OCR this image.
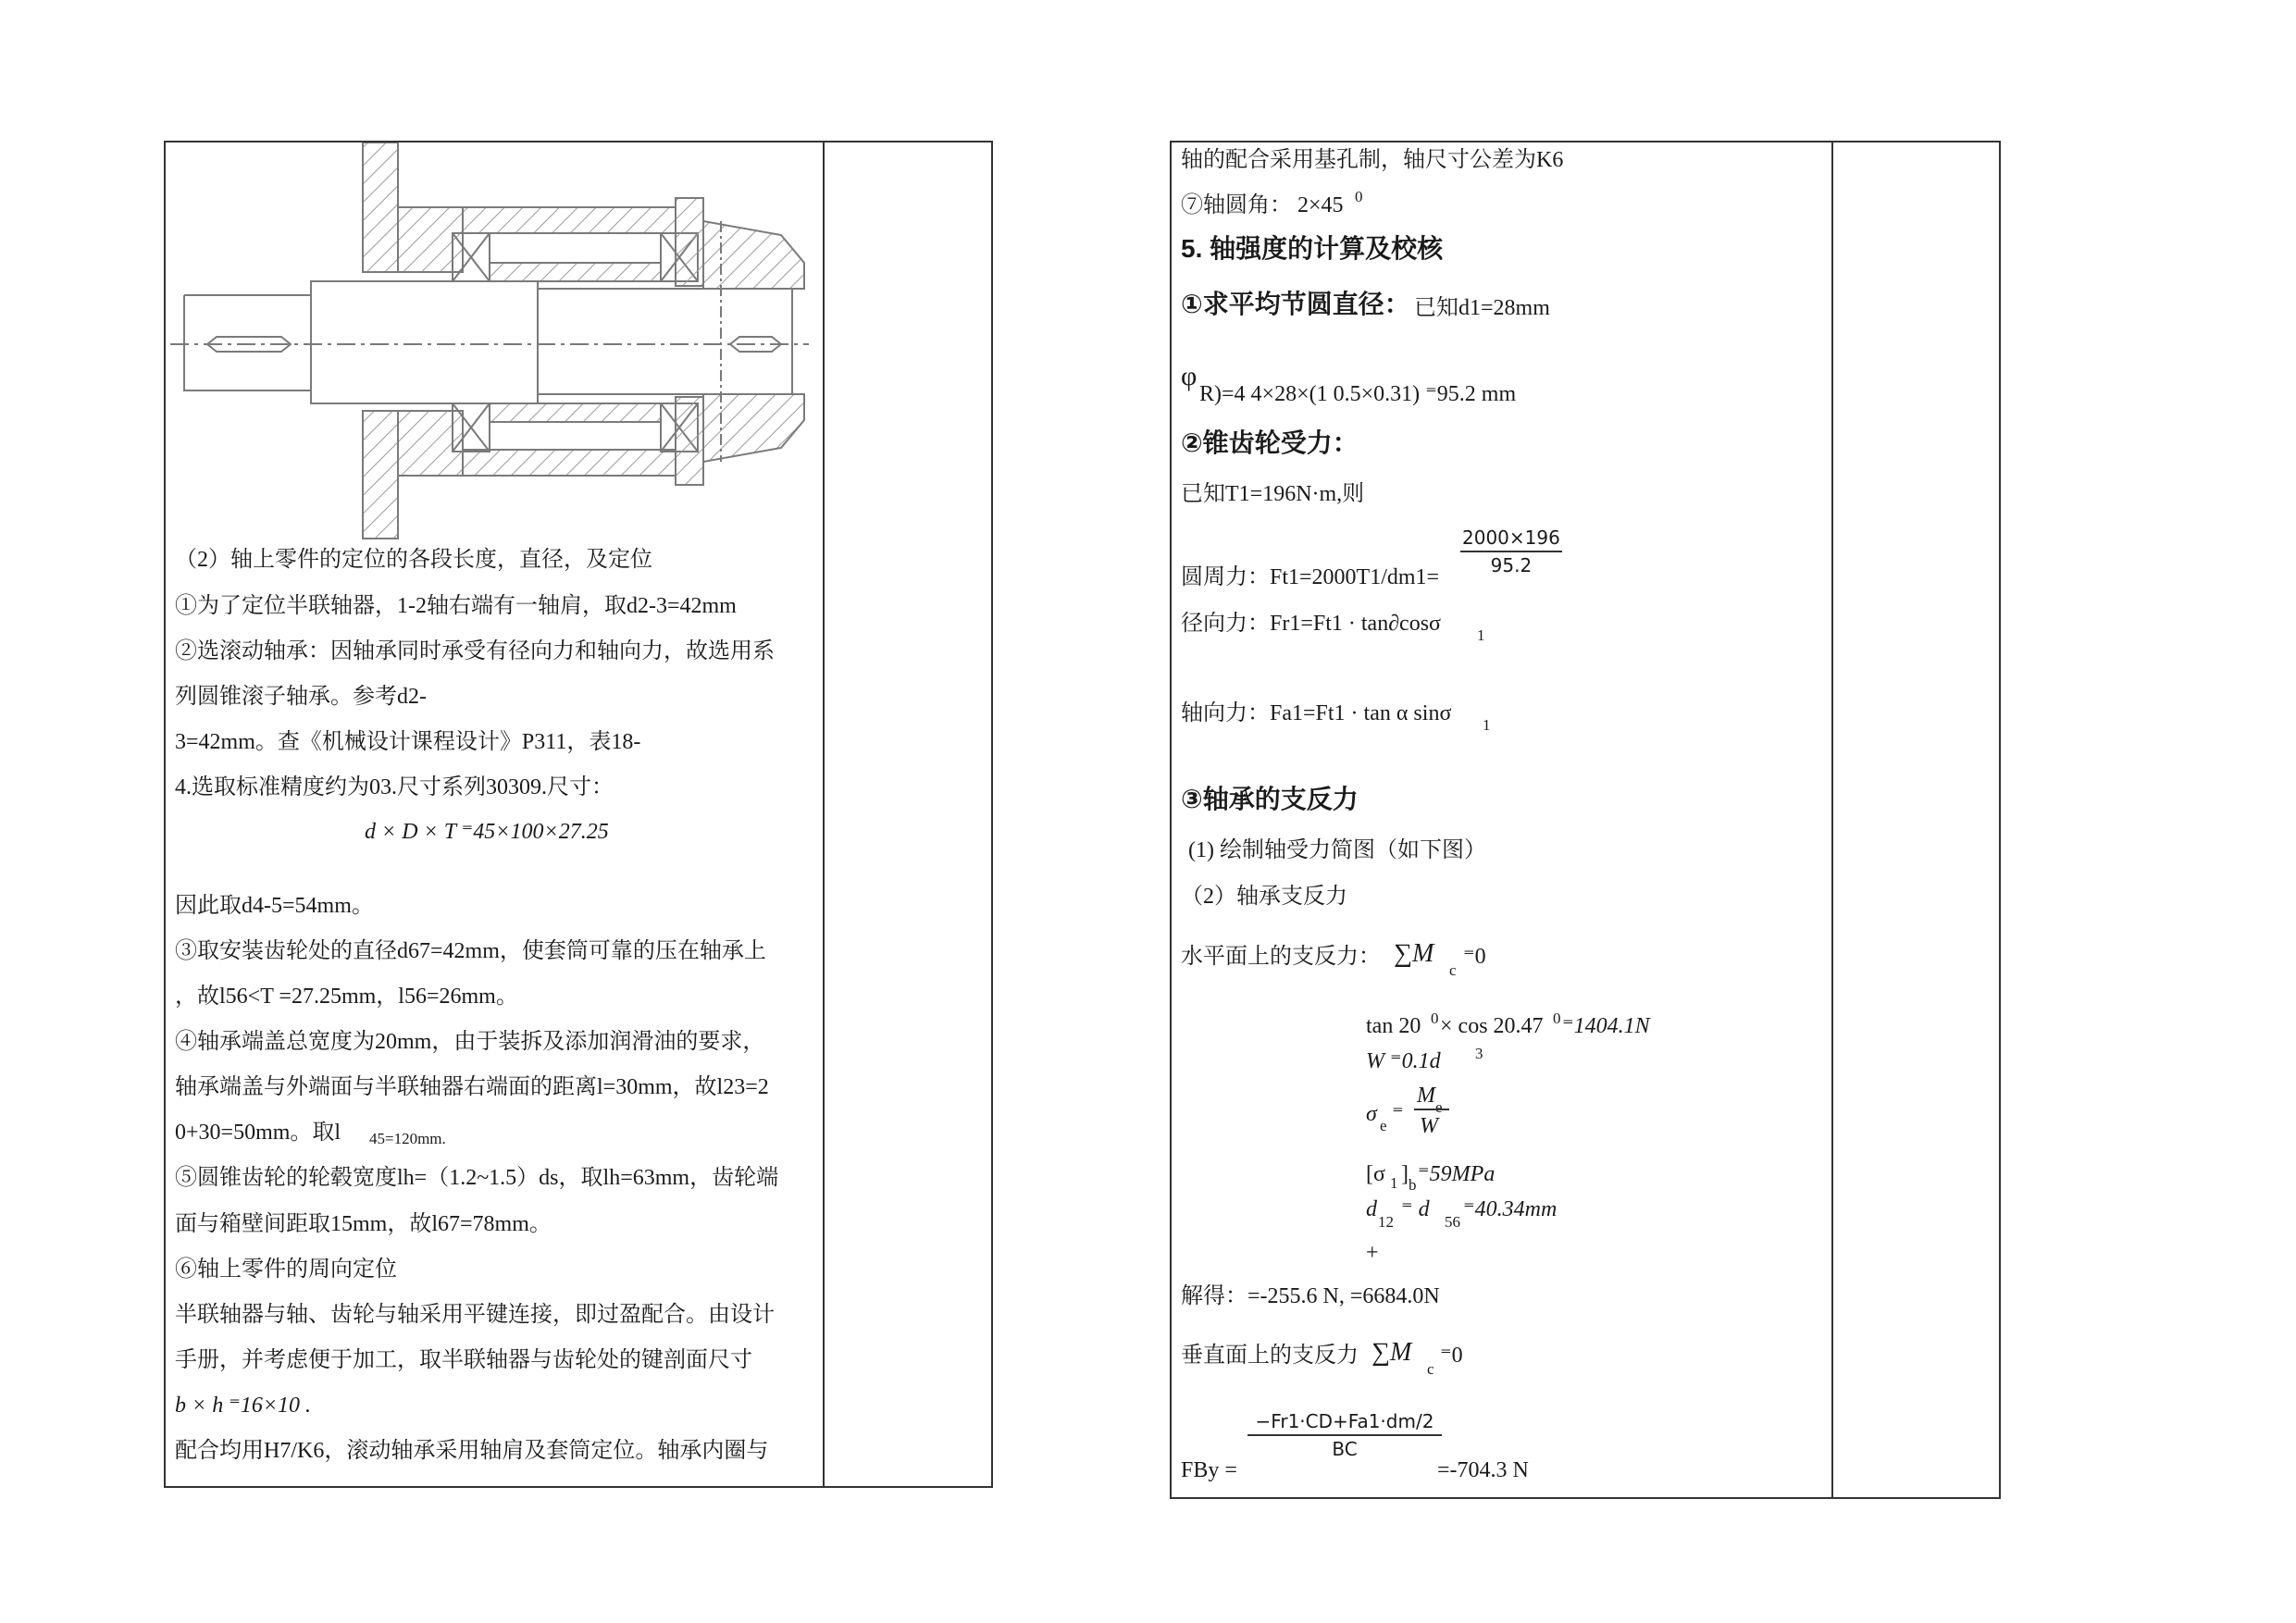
（2）轴上零件的定位的各段长度，直径，及定位
①为了定位半联轴器，1-2轴右端有一轴肩，取d2-3=42mm
②选滚动轴承：因轴承同时承受有径向力和轴向力，故选用系
列圆锥滚子轴承。参考d2-
3=42mm。查《机械设计课程设计》P311，表18-
4.选取标准精度约为03.尺寸系列30309.尺寸：
d × D × T ⁼45×100×27.25
因此取d4-5=54mm。
③取安装齿轮处的直径d67=42mm，使套筒可靠的压在轴承上
，故l56<T =27.25mm，l56=26mm。
④轴承端盖总宽度为20mm，由于装拆及添加润滑油的要求，
轴承端盖与外端面与半联轴器右端面的距离l=30mm，故l23=2
0+30=50mm。取l 45=120mm.
⑤圆锥齿轮的轮毂宽度lh=（1.2~1.5）ds，取lh=63mm，齿轮端
面与箱壁间距取15mm，故l67=78mm。
⑥轴上零件的周向定位
半联轴器与轴、齿轮与轴采用平键连接，即过盈配合。由设计
手册，并考虑便于加工，取半联轴器与齿轮处的键剖面尺寸
b × h ⁼16×10 .
配合均用H7/K6，滚动轴承采用轴肩及套筒定位。轴承内圈与
轴的配合采用基孔制，轴尺寸公差为K6
⑦轴圆角： 2×45 0
5. 轴强度的计算及校核
①求平均节圆直径： 已知d1=28mm
φ
R)=4 4×28×(1 0.5×0.31) ⁼95.2 mm
②锥齿轮受力：
已知T1=196N·m,则
圆周力：Ft1=2000T1/dm1=
$\frac{2000\times 196}{95.2}$
径向力：Fr1=Ft1 · tan∂cosσ 1
轴向力：Fa1=Ft1 · tan α sinσ 1
③轴承的支反力
(1) 绘制轴受力简图（如下图）
（2）轴承支反力
水平面上的支反力： ∑M
c
⁼0
tan 20 0 × cos 20.47 0 ⁼1404.1N
W ⁼0.1d 3
σ e ⁼
M e
W
[σ 1 ] b ⁼59MPa
d
12
⁼ d
56
⁼40.34mm
+
解得：=-255.6 N, =6684.0N
垂直面上的支反力 ∑M
c
⁼0
$\frac{-Fr1\cdot CD+Fa1\cdot dm/2}{BC}$
FBy =	=-704.3 N
